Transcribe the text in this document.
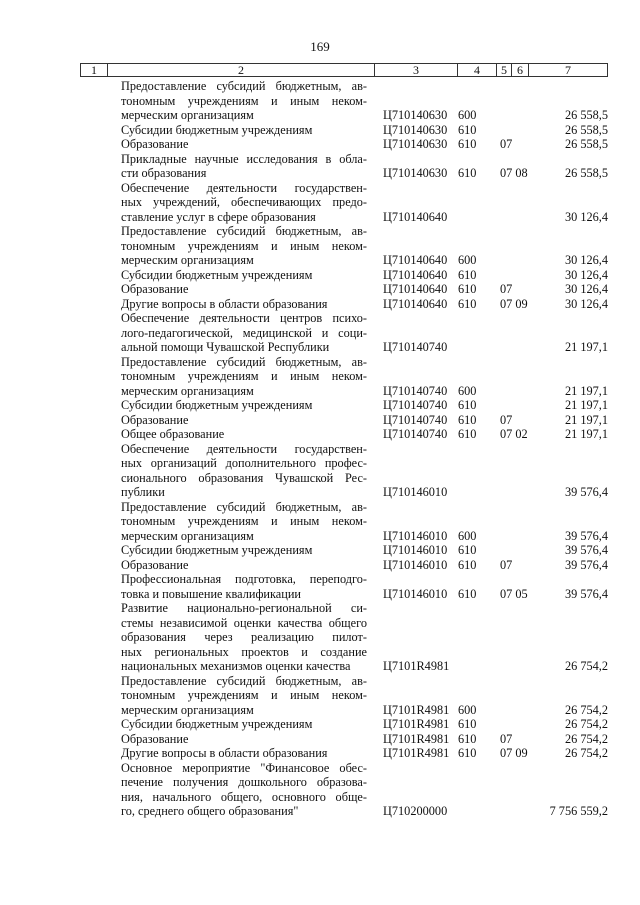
169
1	2	3	4	5 6	7
Предоставление субсидий бюджетным, ав-
тономным учреждениям и иным неком-
мерческим организациям	Ц710140630 600	26 558,5
Субсидии бюджетным учреждениям	Ц710140630 610	26 558,5
Образование	Ц710140630 610 07	26 558,5
Прикладные научные исследования в обла-
сти образования	Ц710140630 610 07 08	26 558,5
Обеспечение деятельности государствен-
ных учреждений, обеспечивающих предо-
ставление услуг в сфере образования	Ц710140640	30 126,4
Предоставление субсидий бюджетным, ав-
тономным учреждениям и иным неком-
мерческим организациям	Ц710140640 600	30 126,4
Субсидии бюджетным учреждениям	Ц710140640 610	30 126,4
Образование	Ц710140640 610 07	30 126,4
Другие вопросы в области образования	Ц710140640 610 07 09	30 126,4
Обеспечение деятельности центров психо-
лого-педагогической, медицинской и соци-
альной помощи Чувашской Республики	Ц710140740	21 197,1
Предоставление субсидий бюджетным, ав-
тономным учреждениям и иным неком-
мерческим организациям	Ц710140740 600	21 197,1
Субсидии бюджетным учреждениям	Ц710140740 610	21 197,1
Образование	Ц710140740 610 07	21 197,1
Общее образование	Ц710140740 610 07 02	21 197,1
Обеспечение деятельности государствен-
ных организаций дополнительного профес-
сионального образования Чувашской Рес-
публики	Ц710146010	39 576,4
Предоставление субсидий бюджетным, ав-
тономным учреждениям и иным неком-
мерческим организациям	Ц710146010 600	39 576,4
Субсидии бюджетным учреждениям	Ц710146010 610	39 576,4
Образование	Ц710146010 610 07	39 576,4
Профессиональная подготовка, переподго-
товка и повышение квалификации	Ц710146010 610 07 05	39 576,4
Развитие национально-региональной си-
стемы независимой оценки качества общего
образования через реализацию пилот-
ных региональных проектов и создание
национальных механизмов оценки качества	Ц7101R4981	26 754,2
Предоставление субсидий бюджетным, ав-
тономным учреждениям и иным неком-
мерческим организациям	Ц7101R4981 600	26 754,2
Субсидии бюджетным учреждениям	Ц7101R4981 610	26 754,2
Образование	Ц7101R4981 610 07	26 754,2
Другие вопросы в области образования	Ц7101R4981 610 07 09	26 754,2
Основное мероприятие "Финансовое обес-
печение получения дошкольного образова-
ния, начального общего, основного обще-
го, среднего общего образования"	Ц710200000	7 756 559,2
